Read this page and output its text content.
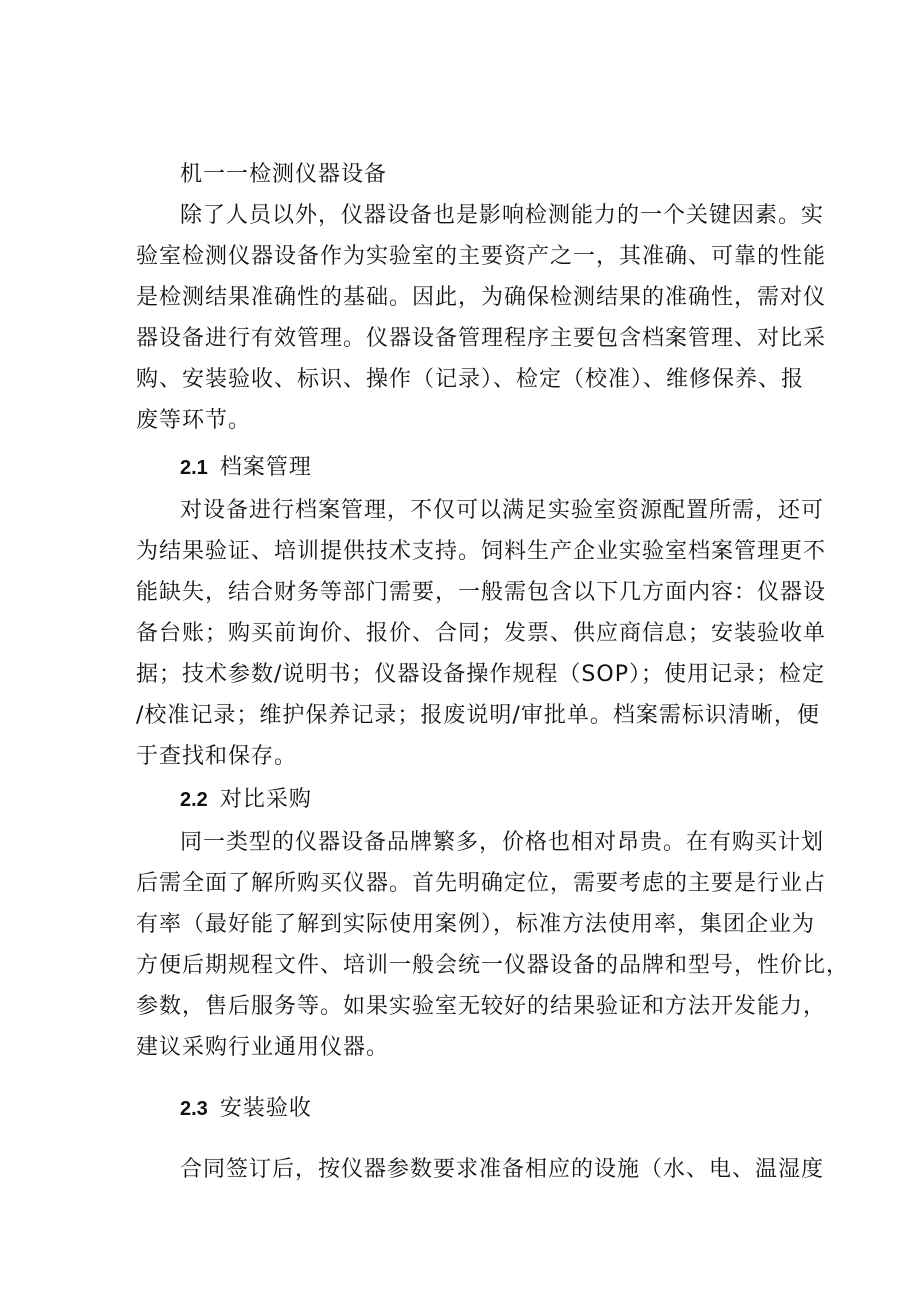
机一一检测仪器设备
除了人员以外，仪器设备也是影响检测能力的一个关键因素。实
验室检测仪器设备作为实验室的主要资产之一，其准确、可靠的性能
是检测结果准确性的基础。因此，为确保检测结果的准确性，需对仪
器设备进行有效管理。仪器设备管理程序主要包含档案管理、对比采
购、安装验收、标识、操作（记录）、检定（校准）、维修保养、报
废等环节。
2.1 档案管理
对设备进行档案管理，不仅可以满足实验室资源配置所需，还可
为结果验证、培训提供技术支持。饲料生产企业实验室档案管理更不
能缺失，结合财务等部门需要，一般需包含以下几方面内容：仪器设
备台账；购买前询价、报价、合同；发票、供应商信息；安装验收单
据；技术参数/说明书；仪器设备操作规程（SOP）；使用记录；检定
/校准记录；维护保养记录；报废说明/审批单。档案需标识清晰，便
于查找和保存。
2.2 对比采购
同一类型的仪器设备品牌繁多，价格也相对昂贵。在有购买计划
后需全面了解所购买仪器。首先明确定位，需要考虑的主要是行业占
有率（最好能了解到实际使用案例），标准方法使用率，集团企业为
方便后期规程文件、培训一般会统一仪器设备的品牌和型号，性价比，
参数，售后服务等。如果实验室无较好的结果验证和方法开发能力，
建议采购行业通用仪器。
2.3 安装验收
合同签订后，按仪器参数要求准备相应的设施（水、电、温湿度
